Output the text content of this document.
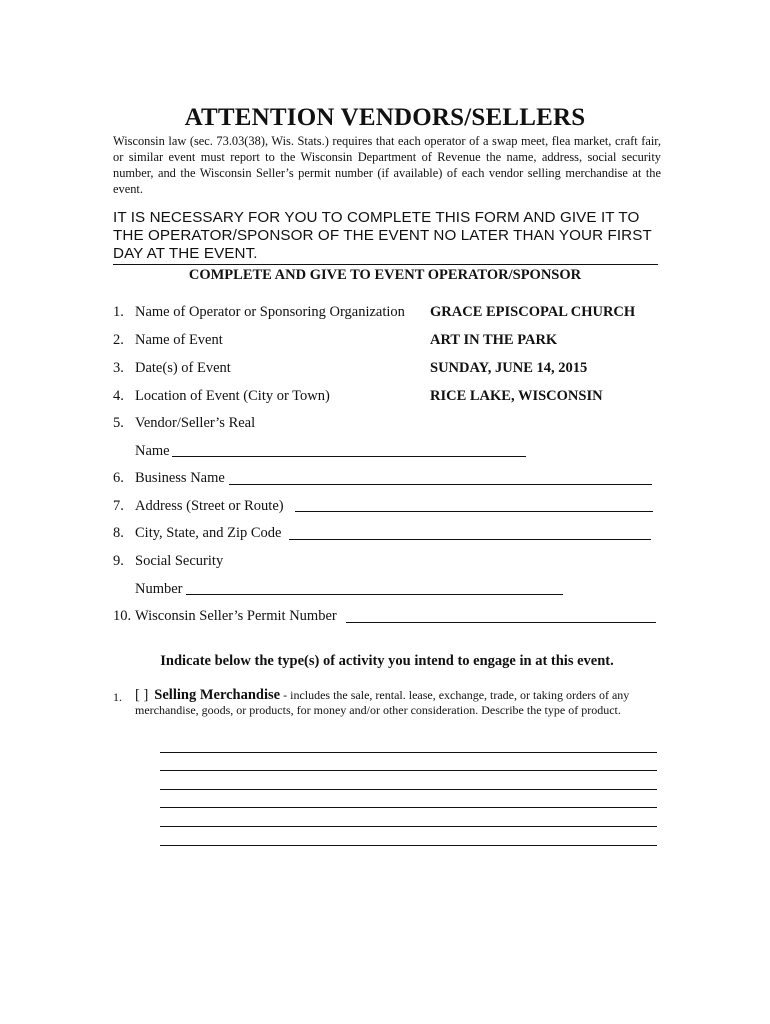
ATTENTION VENDORS/SELLERS
Wisconsin law (sec. 73.03(38), Wis. Stats.) requires that each operator of a swap meet, flea market, craft fair, or similar event must report to the Wisconsin Department of Revenue the name, address, social security number, and the Wisconsin Seller’s permit number (if available) of each vendor selling merchandise at the event.
IT IS NECESSARY FOR YOU TO COMPLETE THIS FORM AND GIVE IT TO THE OPERATOR/SPONSOR OF THE EVENT NO LATER THAN YOUR FIRST DAY AT THE EVENT.
COMPLETE AND GIVE TO EVENT OPERATOR/SPONSOR
1. Name of Operator or Sponsoring Organization GRACE EPISCOPAL CHURCH
2. Name of Event	ART IN THE PARK
3. Date(s) of Event	SUNDAY, JUNE 14, 2015
4. Location of Event (City or Town)	RICE LAKE, WISCONSIN
5. Vendor/Seller’s Real
Name
6. Business Name
7. Address (Street or Route)
8. City, State, and Zip Code
9. Social Security
Number
10. Wisconsin Seller’s Permit Number
Indicate below the type(s) of activity you intend to engage in at this event.
1. [ ] Selling Merchandise - includes the sale, rental. lease, exchange, trade, or taking orders of any merchandise, goods, or products, for money and/or other consideration. Describe the type of product.
